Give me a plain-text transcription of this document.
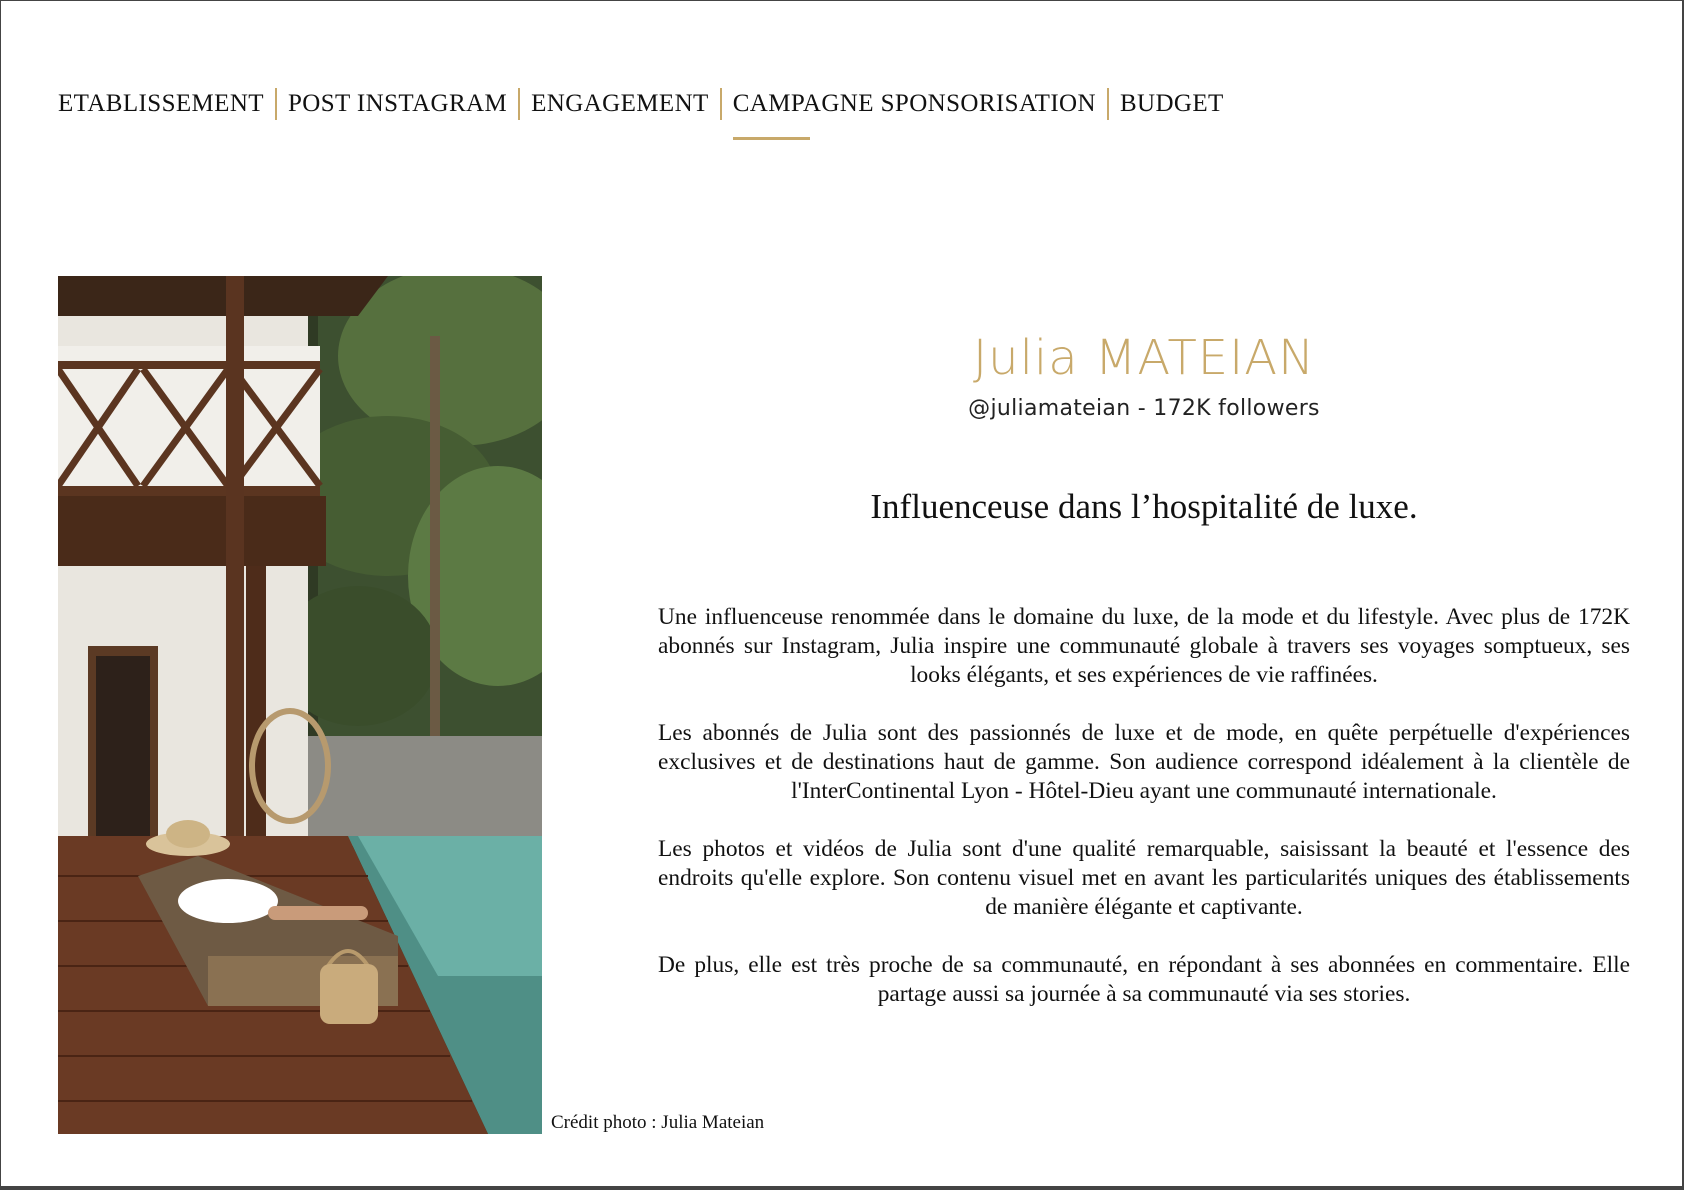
ETABLISSEMENT POST INSTAGRAM ENGAGEMENT CAMPAGNE SPONSORISATION BUDGET
Crédit photo : Julia Mateian
Julia MATEIAN
@juliamateian - 172K followers
Influenceuse dans l’hospitalité de luxe.

Une influenceuse renommée dans le domaine du luxe, de la mode et du lifestyle. Avec plus de 172K abonnés sur Instagram, Julia inspire une communauté globale à travers ses voyages somptueux, ses looks élégants, et ses expériences de vie raffinées.

Les abonnés de Julia sont des passionnés de luxe et de mode, en quête perpétuelle d'expériences exclusives et de destinations haut de gamme. Son audience correspond idéalement à la clientèle de l'InterContinental Lyon - Hôtel-Dieu ayant une communauté internationale.

Les photos et vidéos de Julia sont d'une qualité remarquable, saisissant la beauté et l'essence des endroits qu'elle explore. Son contenu visuel met en avant les particularités uniques des établissements de manière élégante et captivante.

De plus, elle est très proche de sa communauté, en répondant à ses abonnées en commentaire. Elle partage aussi sa journée à sa communauté via ses stories.
